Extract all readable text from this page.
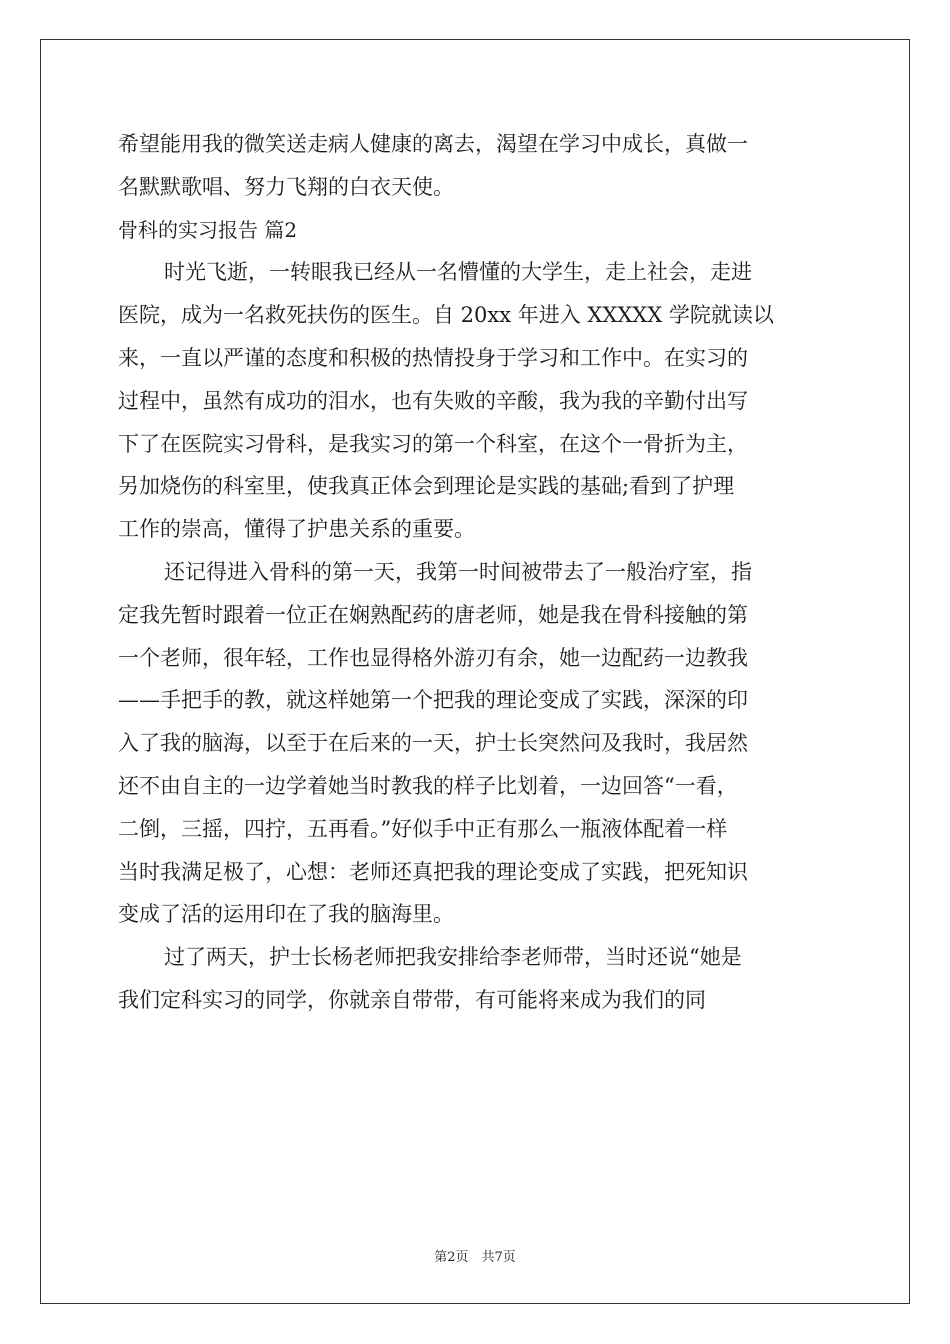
希望能用我的微笑送走病人健康的离去，渴望在学习中成长，真做一
名默默歌唱、努力飞翔的白衣天使。
骨科的实习报告 篇2
时光飞逝，一转眼我已经从一名懵懂的大学生，走上社会，走进
医院，成为一名救死扶伤的医生。自 20xx 年进入 XXXXX 学院就读以
来，一直以严谨的态度和积极的热情投身于学习和工作中。在实习的
过程中，虽然有成功的泪水，也有失败的辛酸，我为我的辛勤付出写
下了在医院实习骨科，是我实习的第一个科室，在这个一骨折为主，
另加烧伤的科室里，使我真正体会到理论是实践的基础;看到了护理
工作的崇高，懂得了护患关系的重要。
还记得进入骨科的第一天，我第一时间被带去了一般治疗室，指
定我先暂时跟着一位正在娴熟配药的唐老师，她是我在骨科接触的第
一个老师，很年轻，工作也显得格外游刃有余，她一边配药一边教我
——手把手的教，就这样她第一个把我的理论变成了实践，深深的印
入了我的脑海，以至于在后来的一天，护士长突然问及我时，我居然
还不由自主的一边学着她当时教我的样子比划着，一边回答“一看，
二倒，三摇，四拧，五再看。”好似手中正有那么一瓶液体配着一样
当时我满足极了，心想：老师还真把我的理论变成了实践，把死知识
变成了活的运用印在了我的脑海里。
过了两天，护士长杨老师把我安排给李老师带，当时还说“她是
我们定科实习的同学，你就亲自带带，有可能将来成为我们的同
第2页　共7页
